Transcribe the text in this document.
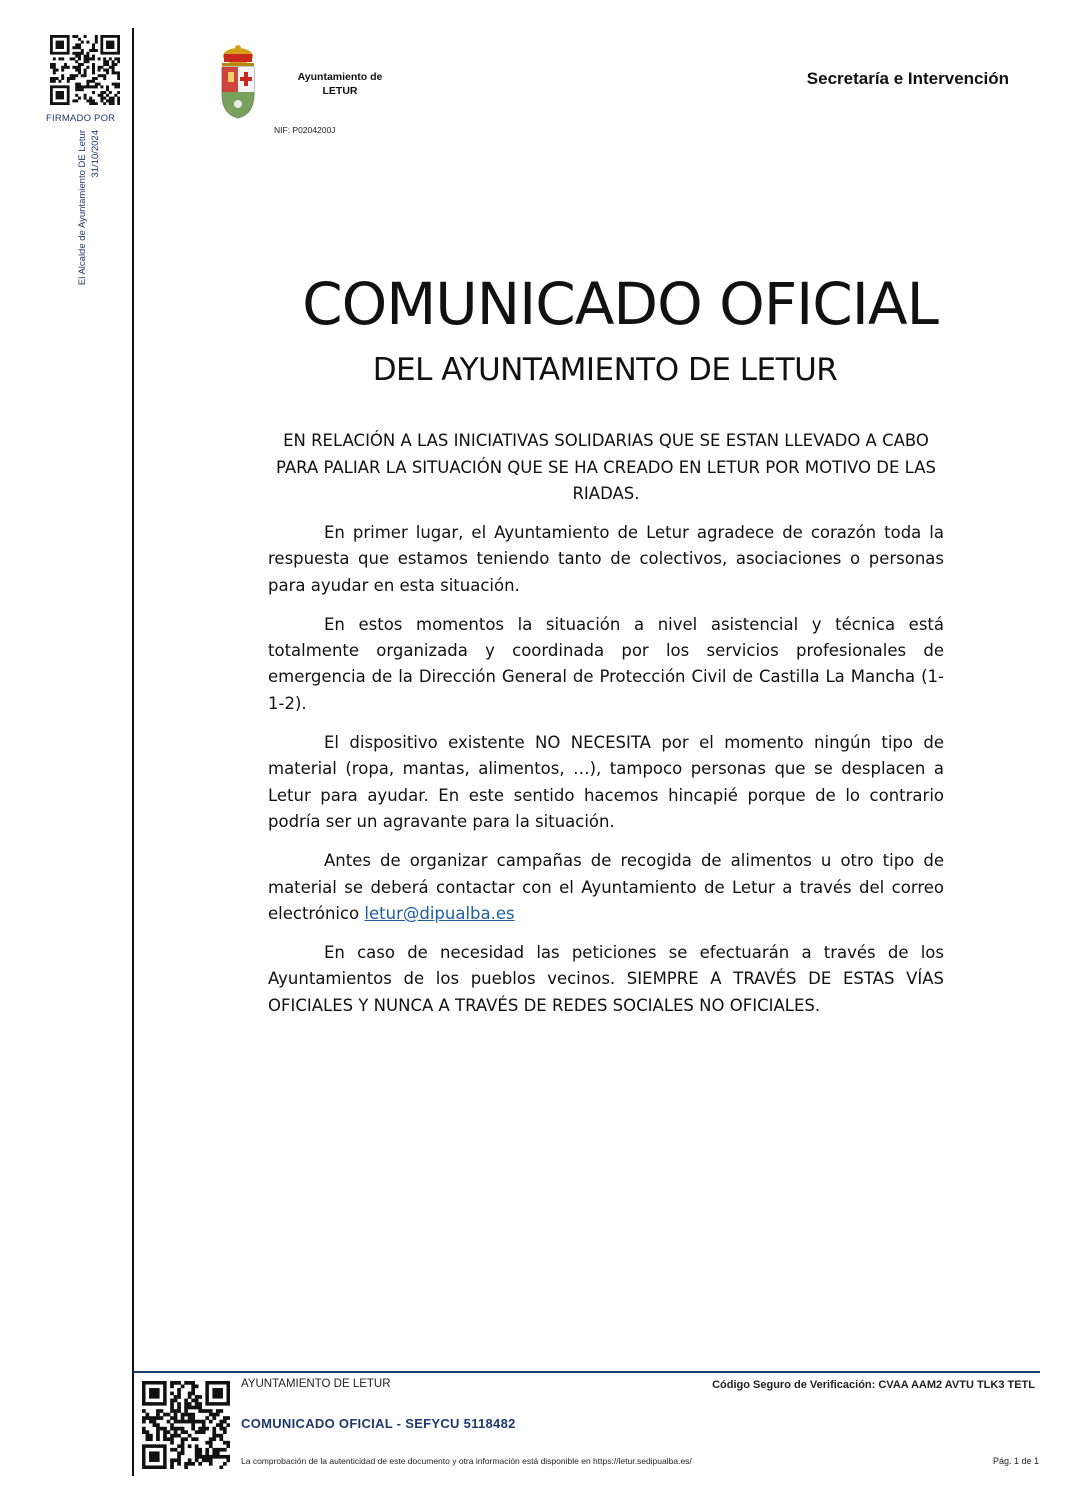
FIRMADO POR
El Alcalde de Ayuntamiento DE Letur 31/10/2024
Ayuntamiento de
LETUR
NIF: P0204200J
Secretaría e Intervención
COMUNICADO OFICIAL
DEL AYUNTAMIENTO DE LETUR
EN RELACIÓN A LAS INICIATIVAS SOLIDARIAS QUE SE ESTAN LLEVADO A CABO PARA PALIAR LA SITUACIÓN QUE SE HA CREADO EN LETUR POR MOTIVO DE LAS RIADAS.

En primer lugar, el Ayuntamiento de Letur agradece de corazón toda la respuesta que estamos teniendo tanto de colectivos, asociaciones o personas para ayudar en esta situación.

En estos momentos la situación a nivel asistencial y técnica está totalmente organizada y coordinada por los servicios profesionales de emergencia de la Dirección General de Protección Civil de Castilla La Mancha (1-1-2).

El dispositivo existente NO NECESITA por el momento ningún tipo de material (ropa, mantas, alimentos, …), tampoco personas que se desplacen a Letur para ayudar. En este sentido hacemos hincapié porque de lo contrario podría ser un agravante para la situación.

Antes de organizar campañas de recogida de alimentos u otro tipo de material se deberá contactar con el Ayuntamiento de Letur a través del correo electrónico letur@dipualba.es

En caso de necesidad las peticiones se efectuarán a través de los Ayuntamientos de los pueblos vecinos. SIEMPRE A TRAVÉS DE ESTAS VÍAS OFICIALES Y NUNCA A TRAVÉS DE REDES SOCIALES NO OFICIALES.

AYUNTAMIENTO DE LETUR	Código Seguro de Verificación: CVAA AAM2 AVTU TLK3 TETL
COMUNICADO OFICIAL - SEFYCU 5118482
La comprobación de la autenticidad de este documento y otra información está disponible en https://letur.sedipualba.es/	Pág. 1 de 1
